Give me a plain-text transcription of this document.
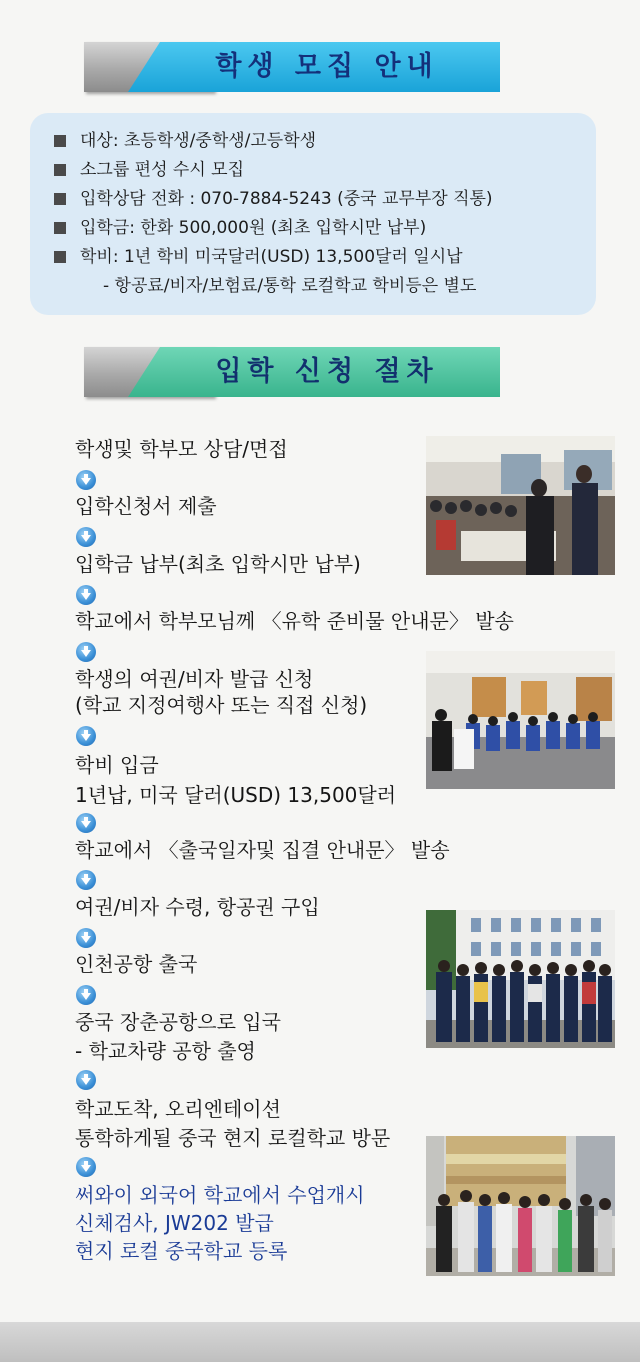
학생 모집 안내
대상: 초등학생/중학생/고등학생
소그룹 편성 수시 모집
입학상담 전화 : 070-7884-5243 (중국 교무부장 직통)
입학금: 한화 500,000원 (최초 입학시만 납부)
학비: 1년 학비 미국달러(USD) 13,500달러 일시납
- 항공료/비자/보험료/통학 로컬학교 학비등은 별도
입학 신청 절차
학생및 학부모 상담/면접
입학신청서 제출
입학금 납부(최초 입학시만 납부)
학교에서 학부모님께 〈유학 준비물 안내문〉 발송
학생의 여권/비자 발급 신청
(학교 지정여행사 또는 직접 신청)
학비 입금
1년납, 미국 달러(USD) 13,500달러
학교에서 〈출국일자및 집결 안내문〉 발송
여권/비자 수령, 항공권 구입
인천공항 출국
중국 장춘공항으로 입국
- 학교차량 공항 출영
학교도착, 오리엔테이션
통학하게될 중국 현지 로컬학교 방문
써와이 외국어 학교에서 수업개시
신체검사, JW202 발급
현지 로컬 중국학교 등록
